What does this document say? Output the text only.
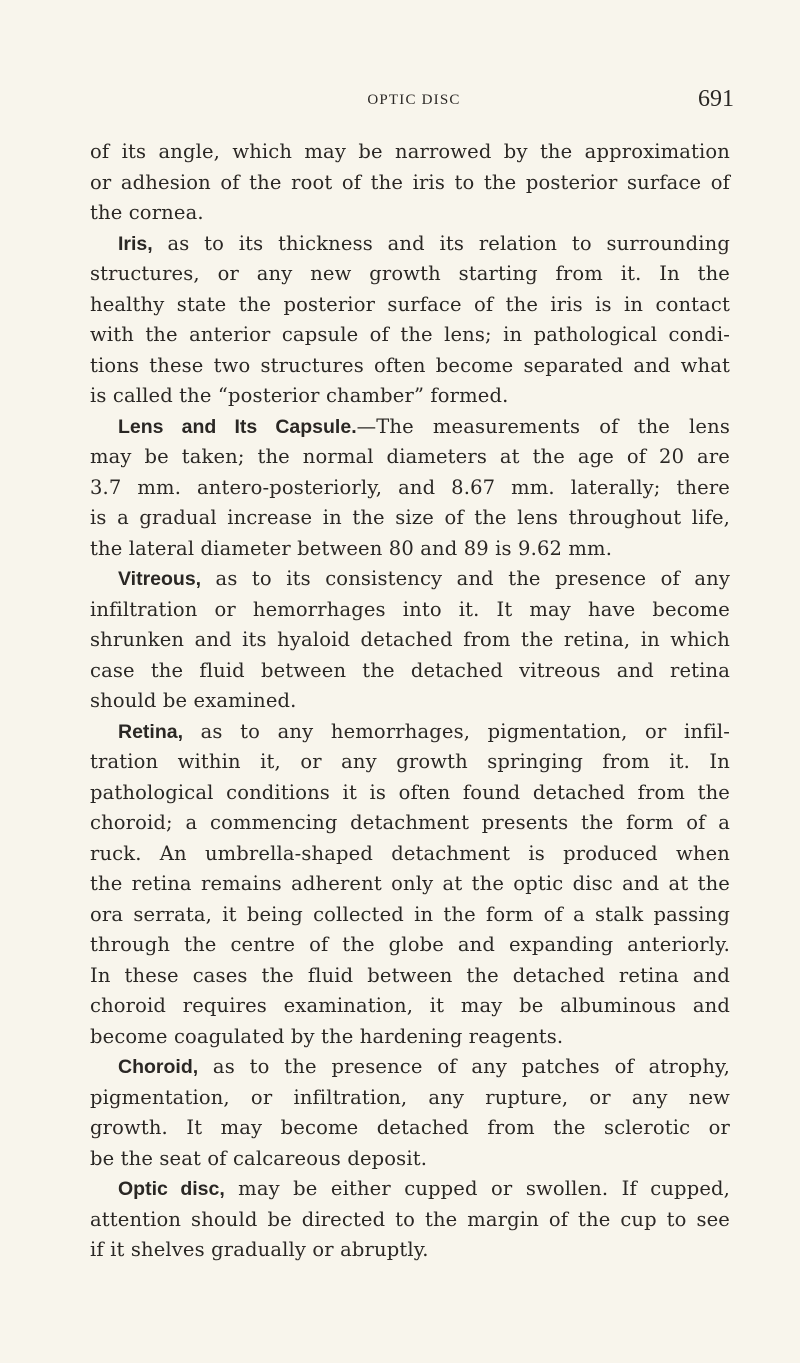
OPTIC DISC	691

of its angle, which may be narrowed by the approximation
or adhesion of the root of the iris to the posterior surface of
the cornea.

Iris, as to its thickness and its relation to surrounding
structures, or any new growth starting from it. In the
healthy state the posterior surface of the iris is in contact
with the anterior capsule of the lens; in pathological condi-
tions these two structures often become separated and what
is called the “posterior chamber” formed.

Lens and Its Capsule.—The measurements of the lens
may be taken; the normal diameters at the age of 20 are
3.7 mm. antero-posteriorly, and 8.67 mm. laterally; there
is a gradual increase in the size of the lens throughout life,
the lateral diameter between 80 and 89 is 9.62 mm.

Vitreous, as to its consistency and the presence of any
infiltration or hemorrhages into it. It may have become
shrunken and its hyaloid detached from the retina, in which
case the fluid between the detached vitreous and retina
should be examined.

Retina, as to any hemorrhages, pigmentation, or infil-
tration within it, or any growth springing from it. In
pathological conditions it is often found detached from the
choroid; a commencing detachment presents the form of a
ruck. An umbrella-shaped detachment is produced when
the retina remains adherent only at the optic disc and at the
ora serrata, it being collected in the form of a stalk passing
through the centre of the globe and expanding anteriorly.
In these cases the fluid between the detached retina and
choroid requires examination, it may be albuminous and
become coagulated by the hardening reagents.

Choroid, as to the presence of any patches of atrophy,
pigmentation, or infiltration, any rupture, or any new
growth. It may become detached from the sclerotic or
be the seat of calcareous deposit.

Optic disc, may be either cupped or swollen. If cupped,
attention should be directed to the margin of the cup to see
if it shelves gradually or abruptly.
